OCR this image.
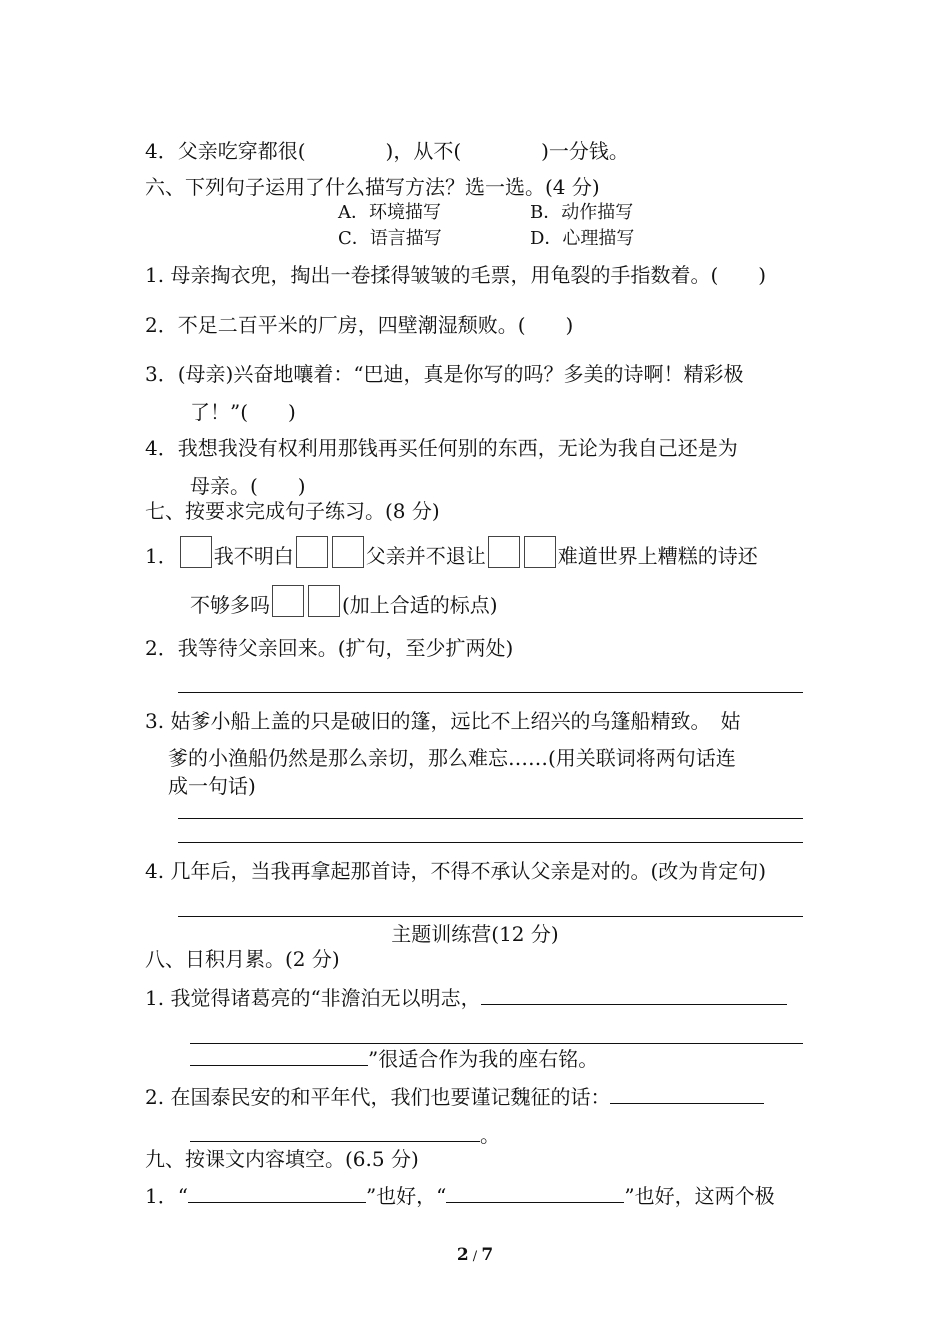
4．父亲吃穿都很(　　　　)，从不(　　　　)一分钱。
六、下列句子运用了什么描写方法？选一选。(4 分)
A．环境描写	B．动作描写
C．语言描写	D．心理描写
1. 母亲掏衣兜，掏出一卷揉得皱皱的毛票，用龟裂的手指数着。(　　)
2．不足二百平米的厂房，四壁潮湿颓败。(　　)
3．(母亲)兴奋地嚷着：“巴迪，真是你写的吗？多美的诗啊！精彩极
了！”(　　)
4．我想我没有权利用那钱再买任何别的东西，无论为我自己还是为
母亲。(　　)
七、按要求完成句子练习。(8 分)
1． 我不明白	父亲并不退让	难道世界上糟糕的诗还
不够多吗	(加上合适的标点)
2．我等待父亲回来。(扩句，至少扩两处)
3. 姑爹小船上盖的只是破旧的篷，远比不上绍兴的乌篷船精致。　姑
爹的小渔船仍然是那么亲切，那么难忘……(用关联词将两句话连
成一句话)
4. 几年后，当我再拿起那首诗，不得不承认父亲是对的。(改为肯定句)
主题训练营(12 分)
八、日积月累。(2 分)
1. 我觉得诸葛亮的“非澹泊无以明志，
”很适合作为我的座右铭。
2. 在国泰民安的和平年代，我们也要谨记魏征的话：
。
九、按课文内容填空。(6.5 分)
1．“	”也好，“	”也好，这两个极
2 / 7
